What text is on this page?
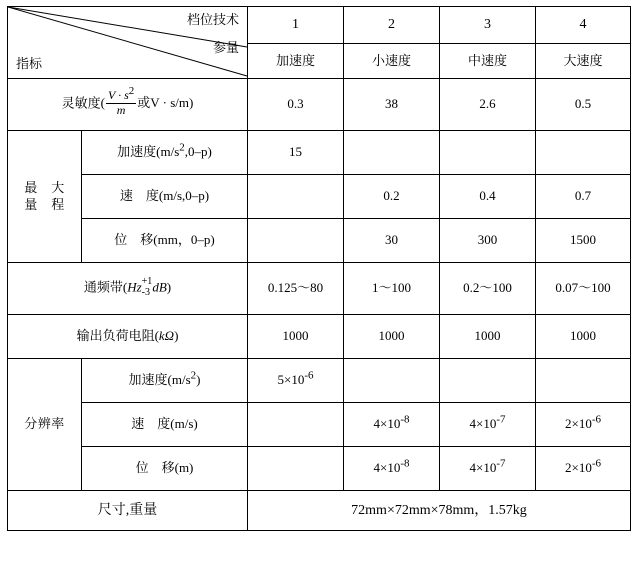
档位技术
参量
指标		1	2	3	4
		加速度	小速度	中速度	大速度
灵敏度( $\frac{V \cdot s2}{m}$ 或V · s/m)		0.3	38	2.6	0.5

最　大
量　程	加速度$(m/s^2,0-p)$	15			
	速　度(m/s,0–p)		0.2	0.4	0.7
	位　移(mm，0–p)		30	300	1500
通频带(Hz +1
-3 dB)		0.125～80	1～100	0.2～100	0.07～100
输出负荷电阻(kΩ)		1000	1000	1000	1000
分辨率	加速度$(m/s^2)$	$5\times 10^{-6}$			
	速　度(m/s)		$4\times 10^{-8}$	$4\times 10^{-7}$	$2\times 10^{-6}$
	位　移(m)		$4\times 10^{-8}$	$4\times 10^{-7}$	$2\times 10^{-6}$
尺寸,重量		72mm×72mm×78mm，1.57kg			
